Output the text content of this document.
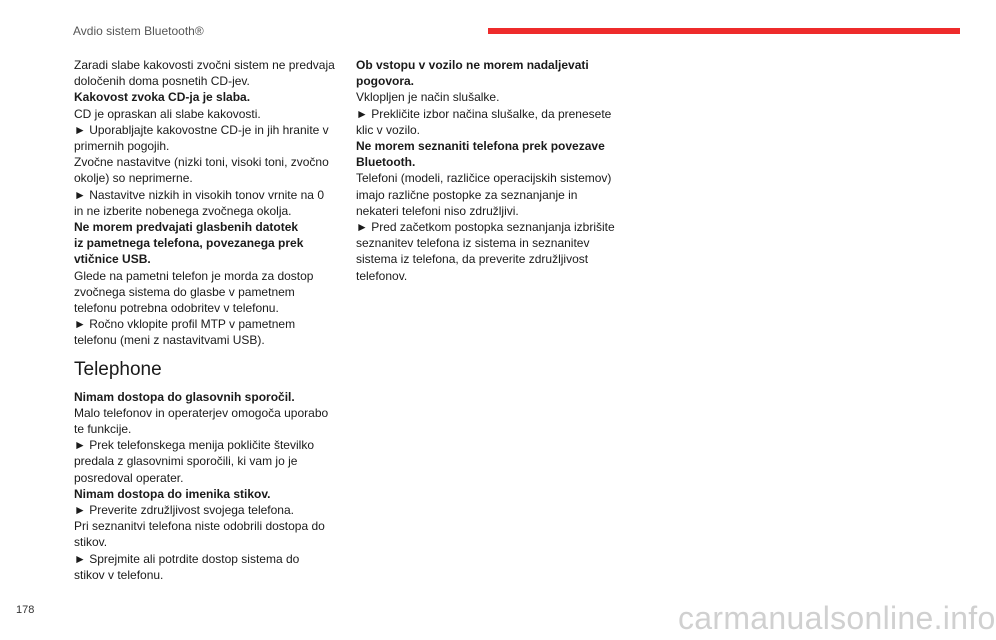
Avdio sistem Bluetooth®
Zaradi slabe kakovosti zvočni sistem ne predvaja
določenih doma posnetih CD-jev.
Kakovost zvoka CD-ja je slaba.
CD je opraskan ali slabe kakovosti.
► Uporabljajte kakovostne CD-je in jih hranite v
primernih pogojih.
Zvočne nastavitve (nizki toni, visoki toni, zvočno
okolje) so neprimerne.
► Nastavitve nizkih in visokih tonov vrnite na 0
in ne izberite nobenega zvočnega okolja.
Ne morem predvajati glasbenih datotek
iz pametnega telefona, povezanega prek
vtičnice USB.
Glede na pametni telefon je morda za dostop
zvočnega sistema do glasbe v pametnem
telefonu potrebna odobritev v telefonu.
► Ročno vklopite profil MTP v pametnem
telefonu (meni z nastavitvami USB).
Telephone
Nimam dostopa do glasovnih sporočil.
Malo telefonov in operaterjev omogoča uporabo
te funkcije.
► Prek telefonskega menija pokličite številko
predala z glasovnimi sporočili, ki vam jo je
posredoval operater.
Nimam dostopa do imenika stikov.
► Preverite združljivost svojega telefona.
Pri seznanitvi telefona niste odobrili dostopa do
stikov.
► Sprejmite ali potrdite dostop sistema do
stikov v telefonu.
Ob vstopu v vozilo ne morem nadaljevati
pogovora.
Vklopljen je način slušalke.
► Prekličite izbor načina slušalke, da prenesete
klic v vozilo.
Ne morem seznaniti telefona prek povezave
Bluetooth.
Telefoni (modeli, različice operacijskih sistemov)
imajo različne postopke za seznanjanje in
nekateri telefoni niso združljivi.
► Pred začetkom postopka seznanjanja izbrišite
seznanitev telefona iz sistema in seznanitev
sistema iz telefona, da preverite združljivost
telefonov.
178	carmanualsonline.info
